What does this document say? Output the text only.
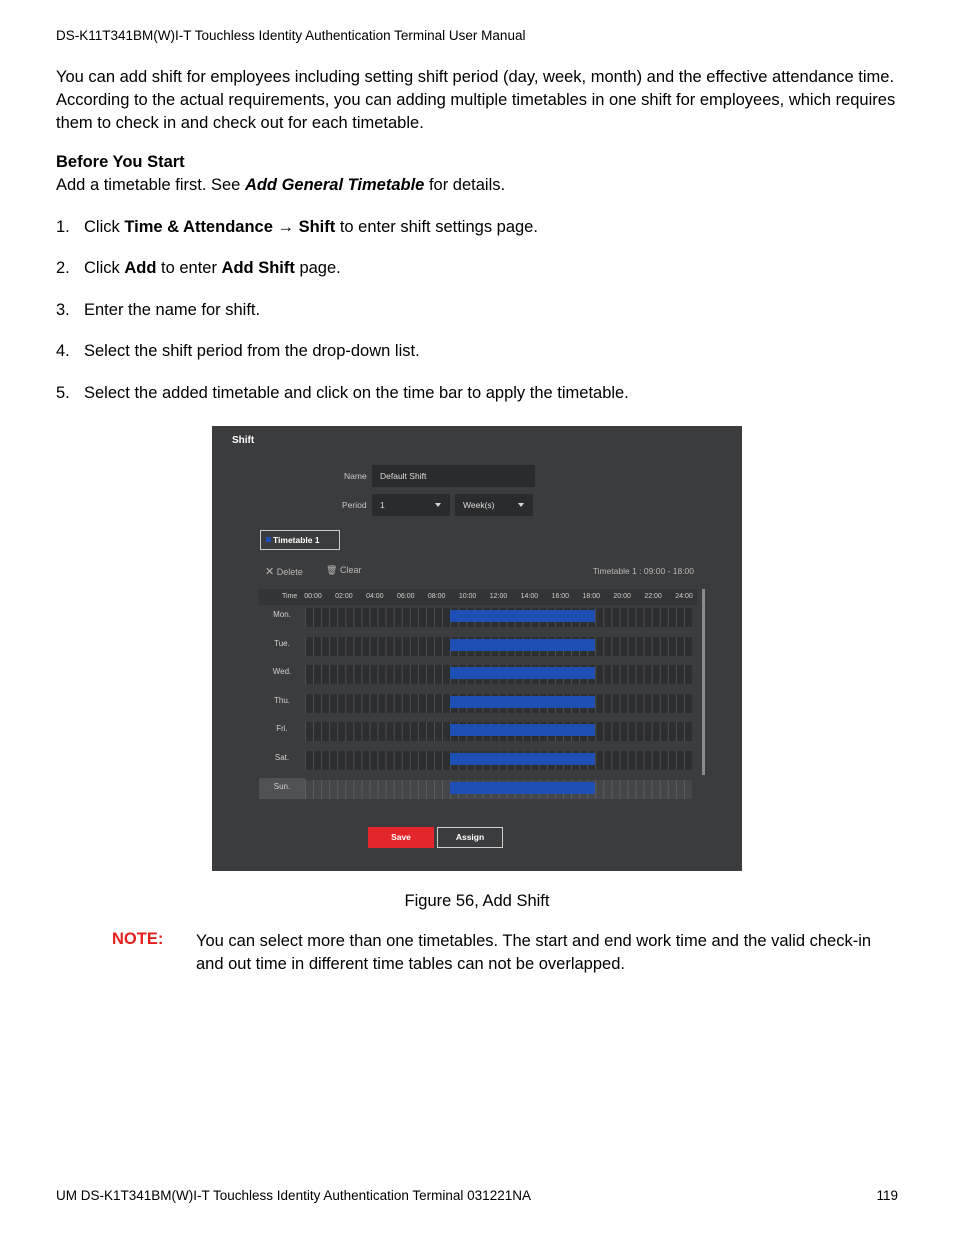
DS-K11T341BM(W)I-T Touchless Identity Authentication Terminal User Manual
You can add shift for employees including setting shift period (day, week, month) and the effective attendance time. According to the actual requirements, you can adding multiple timetables in one shift for employees, which requires them to check in and check out for each timetable.
Before You Start
Add a timetable first. See Add General Timetable for details.
1. Click Time & Attendance → Shift to enter shift settings page.
2. Click Add to enter Add Shift page.
3. Enter the name for shift.
4. Select the shift period from the drop-down list.
5. Select the added timetable and click on the time bar to apply the timetable.
Shift
Name	Default Shift
Period	1	Week(s)
Timetable 1
✕ Delete	🗑 Clear	Timetable 1 : 09:00 - 18:00
Time 00:00 02:00 04:00 06:00 08:00 10:00 12:00 14:00 16:00 18:00 20:00 22:00 24:00
Mon.
Tue.
Wed.
Thu.
Fri.
Sat.
Sun.
Save	Assign
Figure 56, Add Shift
NOTE: You can select more than one timetables. The start and end work time and the valid check-in and out time in different time tables can not be overlapped.
UM DS-K1T341BM(W)I-T Touchless Identity Authentication Terminal 031221NA	119
